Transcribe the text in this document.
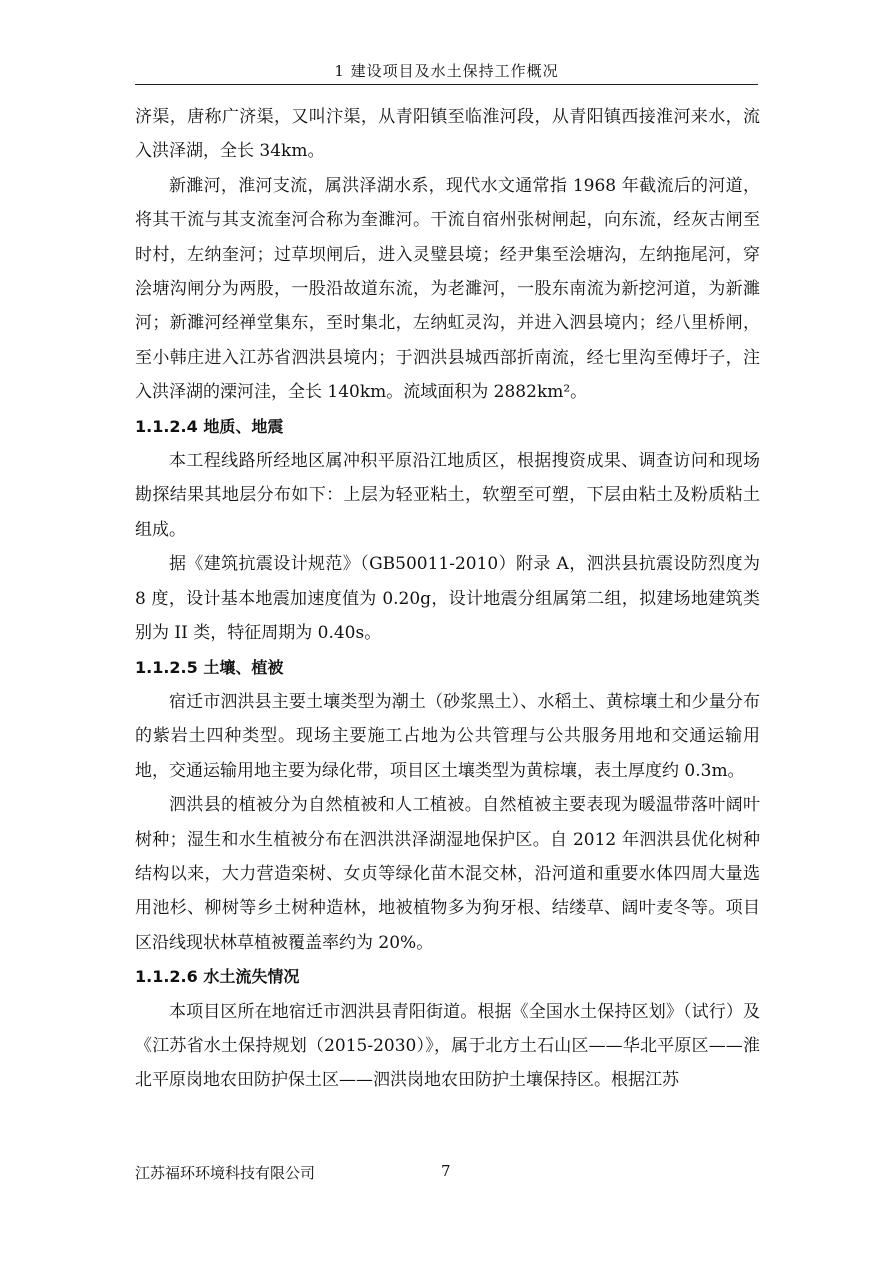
1 建设项目及水土保持工作概况

济渠，唐称广济渠，又叫汴渠，从青阳镇至临淮河段，从青阳镇西接淮河来水，流入洪泽湖，全长 34km。

新濉河，淮河支流，属洪泽湖水系，现代水文通常指 1968 年截流后的河道，将其干流与其支流奎河合称为奎濉河。干流自宿州张树闸起，向东流，经灰古闸至时村，左纳奎河；过草坝闸后，进入灵璧县境；经尹集至浍塘沟，左纳拖尾河，穿浍塘沟闸分为两股，一股沿故道东流，为老濉河，一股东南流为新挖河道，为新濉河；新濉河经禅堂集东，至时集北，左纳虹灵沟，并进入泗县境内；经八里桥闸，至小韩庄进入江苏省泗洪县境内；于泗洪县城西部折南流，经七里沟至傅圩子，注入洪泽湖的溧河洼，全长 140km。流域面积为 2882km²。

1.1.2.4 地质、地震

本工程线路所经地区属冲积平原沿江地质区，根据搜资成果、调查访问和现场勘探结果其地层分布如下：上层为轻亚粘土，软塑至可塑，下层由粘土及粉质粘土组成。

据《建筑抗震设计规范》（GB50011-2010）附录 A，泗洪县抗震设防烈度为 8 度，设计基本地震加速度值为 0.20g，设计地震分组属第二组，拟建场地建筑类别为 II 类，特征周期为 0.40s。

1.1.2.5 土壤、植被

宿迁市泗洪县主要土壤类型为潮土（砂浆黑土）、水稻土、黄棕壤土和少量分布的紫岩土四种类型。现场主要施工占地为公共管理与公共服务用地和交通运输用地，交通运输用地主要为绿化带，项目区土壤类型为黄棕壤，表土厚度约 0.3m。

泗洪县的植被分为自然植被和人工植被。自然植被主要表现为暖温带落叶阔叶树种；湿生和水生植被分布在泗洪洪泽湖湿地保护区。自 2012 年泗洪县优化树种结构以来，大力营造栾树、女贞等绿化苗木混交林，沿河道和重要水体四周大量选用池杉、柳树等乡土树种造林，地被植物多为狗牙根、结缕草、阔叶麦冬等。项目区沿线现状林草植被覆盖率约为 20%。

1.1.2.6 水土流失情况

本项目区所在地宿迁市泗洪县青阳街道。根据《全国水土保持区划》（试行）及《江苏省水土保持规划（2015-2030）》，属于北方土石山区——华北平原区——淮北平原岗地农田防护保土区——泗洪岗地农田防护土壤保持区。根据江苏

江苏福环环境科技有限公司	7
